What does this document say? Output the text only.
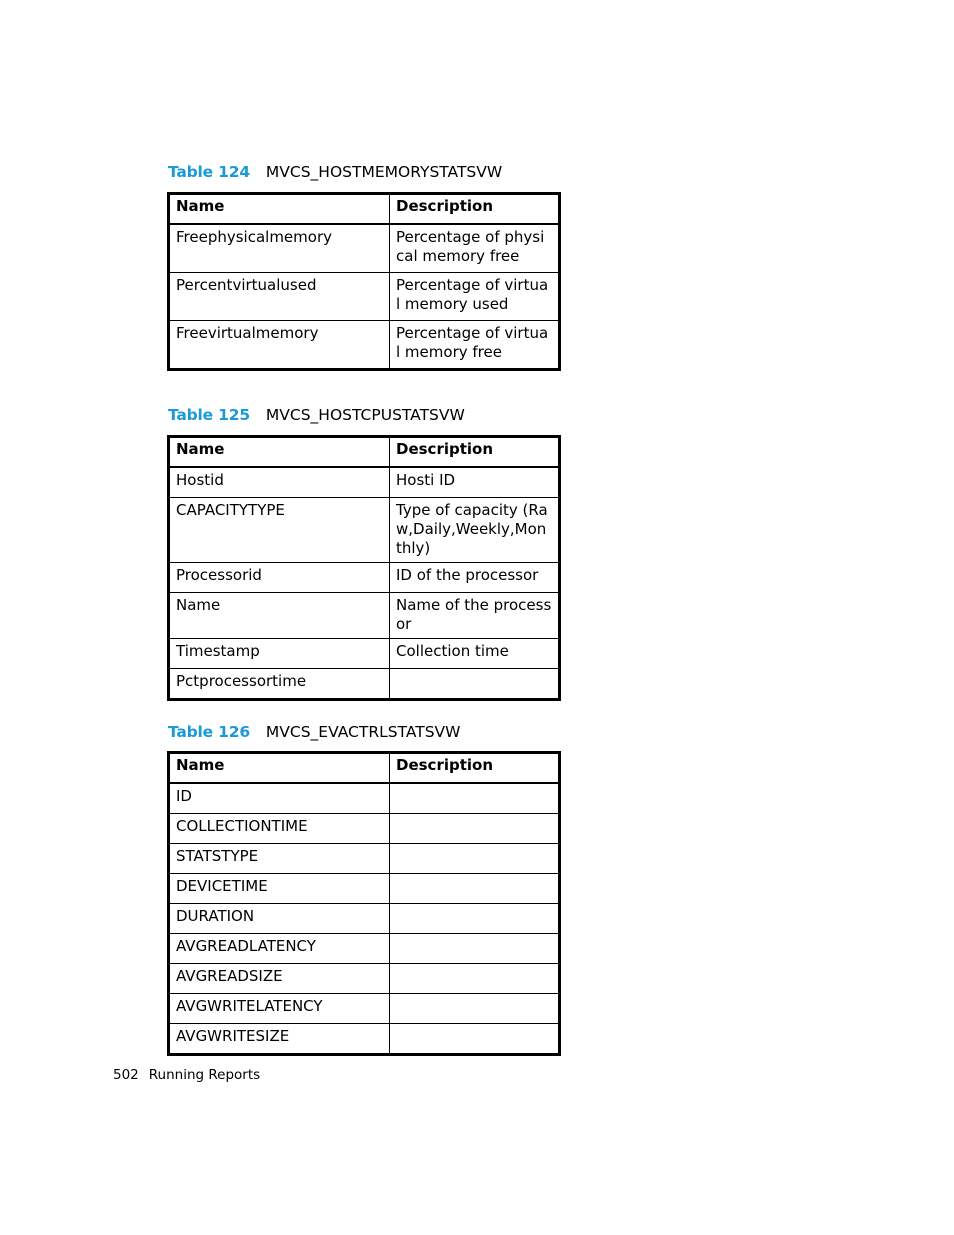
Table 124 MVCS_HOSTMEMORYSTATSVW
Name	Description
Freephysicalmemory	Percentage of physical memory free
Percentvirtualused	Percentage of virtual memory used
Freevirtualmemory	Percentage of virtual memory free
Table 125 MVCS_HOSTCPUSTATSVW
Name	Description
Hostid	Hosti ID
CAPACITYTYPE	Type of capacity (Raw,Daily,Weekly,Monthly)
Processorid	ID of the processor
Name	Name of the processor
Timestamp	Collection time
Pctprocessortime	
Table 126 MVCS_EVACTRLSTATSVW
Name	Description
ID	
COLLECTIONTIME	
STATSTYPE	
DEVICETIME	
DURATION	
AVGREADLATENCY	
AVGREADSIZE	
AVGWRITELATENCY	
AVGWRITESIZE	
502 Running Reports
